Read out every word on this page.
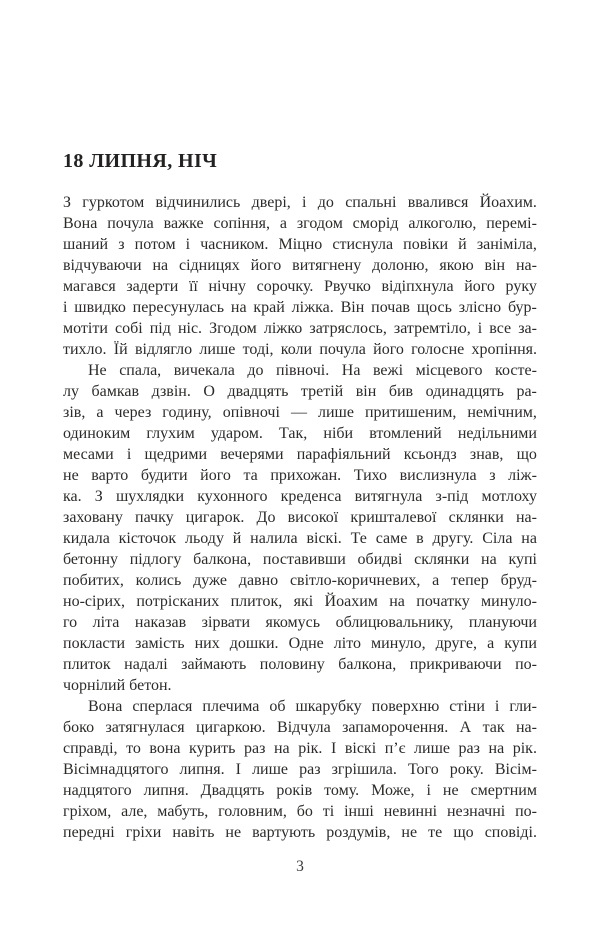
18 ЛИПНЯ, НІЧ
З гуркотом відчинились двері, і до спальні ввалився Йоахим.
Вона почула важке сопіння, а згодом сморід алкоголю, перемі-
шаний з потом і часником. Міцно стиснула повіки й заніміла,
відчуваючи на сідницях його витягнену долоню, якою він на-
магався задерти її нічну сорочку. Рвучко відіпхнула його руку
і швидко пересунулась на край ліжка. Він почав щось злісно бур-
мотіти собі під ніс. Згодом ліжко затряслось, затремтіло, і все за-
тихло. Їй відлягло лише тоді, коли почула його голосне хропіння.
Не спала, вичекала до півночі. На вежі місцевого косте-
лу бамкав дзвін. О двадцять третій він бив одинадцять ра-
зів, а через годину, опівночі — лише притишеним, немічним,
одиноким глухим ударом. Так, ніби втомлений недільними
месами і щедрими вечерями парафіяльний ксьондз знав, що
не варто будити його та прихожан. Тихо вислизнула з ліж-
ка. З шухлядки кухонного креденса витягнула з-під мотлоху
заховану пачку цигарок. До високої кришталевої склянки на-
кидала кісточок льоду й налила віскі. Те саме в другу. Сіла на
бетонну підлогу балкона, поставивши обидві склянки на купі
побитих, колись дуже давно світло-коричневих, а тепер бруд-
но-сірих, потрісканих плиток, які Йоахим на початку минуло-
го літа наказав зірвати якомусь облицювальнику, плануючи
покласти замість них дошки. Одне літо минуло, друге, а купи
плиток надалі займають половину балкона, прикриваючи по-
чорнілий бетон.
Вона сперлася плечима об шкарубку поверхню стіни і гли-
боко затягнулася цигаркою. Відчула запаморочення. А так на-
справді, то вона курить раз на рік. І віскі п’є лише раз на рік.
Вісімнадцятого липня. І лише раз згрішила. Того року. Вісім-
надцятого липня. Двадцять років тому. Може, і не смертним
гріхом, але, мабуть, головним, бо ті інші невинні незначні по-
передні гріхи навіть не вартують роздумів, не те що сповіді.
3
